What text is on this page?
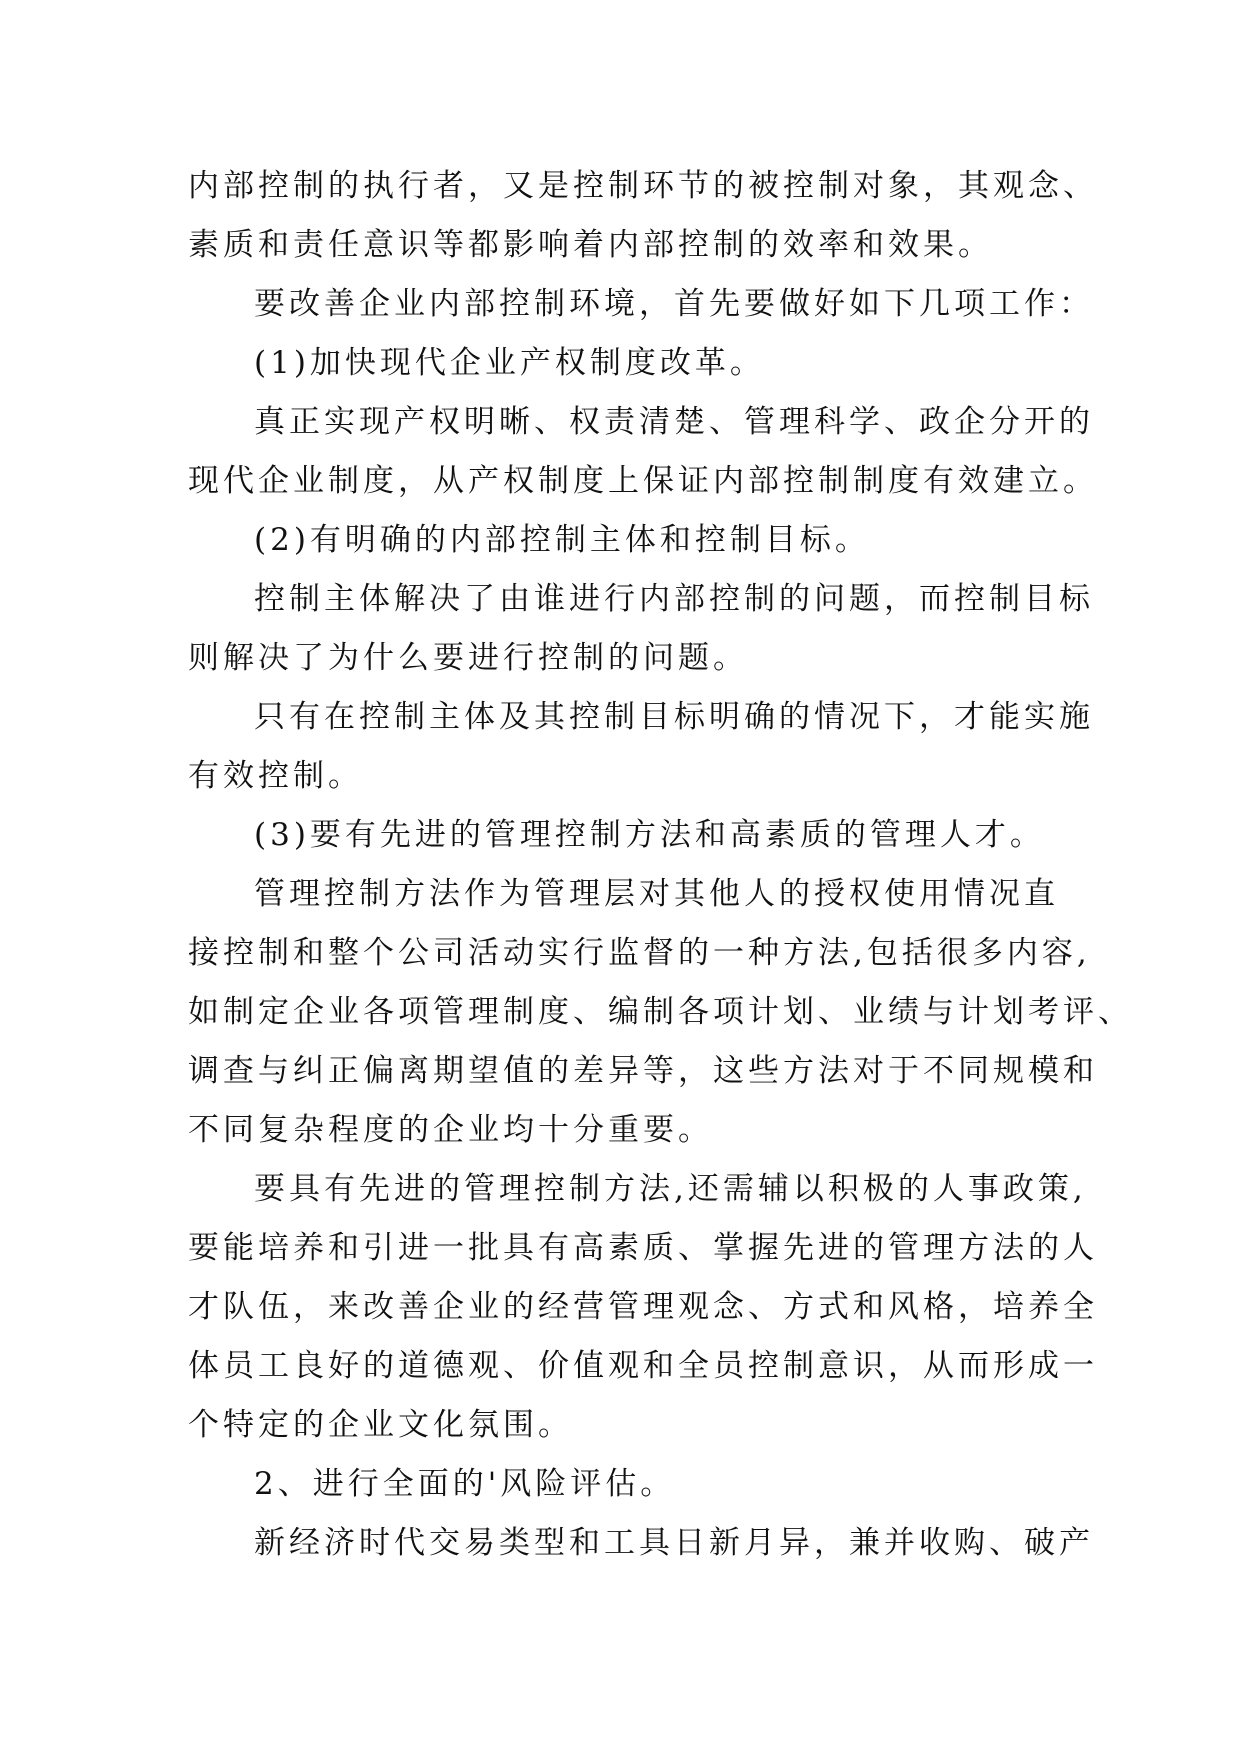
内部控制的执行者，又是控制环节的被控制对象，其观念、
素质和责任意识等都影响着内部控制的效率和效果。
要改善企业内部控制环境，首先要做好如下几项工作：
(1)加快现代企业产权制度改革。
真正实现产权明晰、权责清楚、管理科学、政企分开的
现代企业制度，从产权制度上保证内部控制制度有效建立。
(2)有明确的内部控制主体和控制目标。
控制主体解决了由谁进行内部控制的问题，而控制目标
则解决了为什么要进行控制的问题。
只有在控制主体及其控制目标明确的情况下，才能实施
有效控制。
(3)要有先进的管理控制方法和高素质的管理人才。
管理控制方法作为管理层对其他人的授权使用情况直
接控制和整个公司活动实行监督的一种方法,包括很多内容,
如制定企业各项管理制度、编制各项计划、业绩与计划考评、
调查与纠正偏离期望值的差异等，这些方法对于不同规模和
不同复杂程度的企业均十分重要。
要具有先进的管理控制方法,还需辅以积极的人事政策,
要能培养和引进一批具有高素质、掌握先进的管理方法的人
才队伍，来改善企业的经营管理观念、方式和风格，培养全
体员工良好的道德观、价值观和全员控制意识，从而形成一
个特定的企业文化氛围。
2、进行全面的'风险评估。
新经济时代交易类型和工具日新月异，兼并收购、破产
